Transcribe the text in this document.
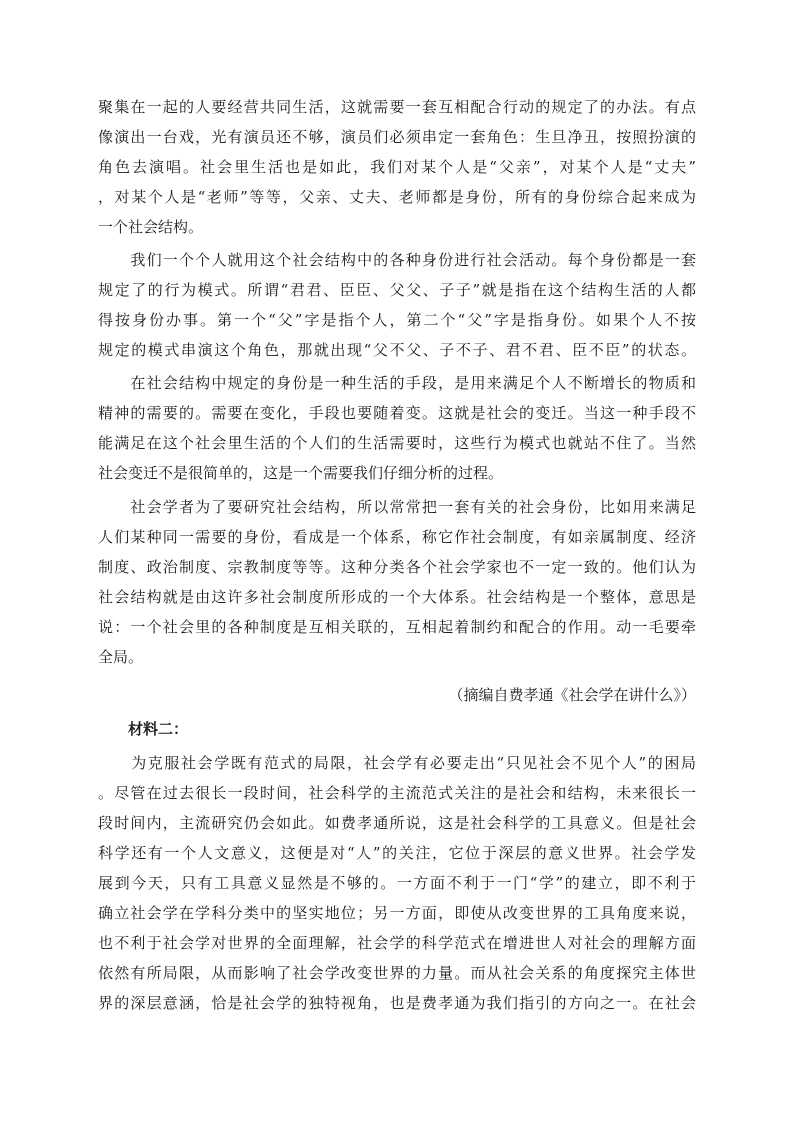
聚集在一起的人要经营共同生活，这就需要一套互相配合行动的规定了的办法。有点
像演出一台戏，光有演员还不够，演员们必须串定一套角色：生旦净丑，按照扮演的
角色去演唱。社会里生活也是如此，我们对某个人是“父亲”，对某个人是“丈夫”
，对某个人是“老师”等等，父亲、丈夫、老师都是身份，所有的身份综合起来成为
一个社会结构。
　　我们一个个人就用这个社会结构中的各种身份进行社会活动。每个身份都是一套
规定了的行为模式。所谓“君君、臣臣、父父、子子”就是指在这个结构生活的人都
得按身份办事。第一个“父”字是指个人，第二个“父”字是指身份。如果个人不按
规定的模式串演这个角色，那就出现“父不父、子不子、君不君、臣不臣”的状态。
　　在社会结构中规定的身份是一种生活的手段，是用来满足个人不断增长的物质和
精神的需要的。需要在变化，手段也要随着变。这就是社会的变迁。当这一种手段不
能满足在这个社会里生活的个人们的生活需要时，这些行为模式也就站不住了。当然
社会变迁不是很简单的，这是一个需要我们仔细分析的过程。
　　社会学者为了要研究社会结构，所以常常把一套有关的社会身份，比如用来满足
人们某种同一需要的身份，看成是一个体系，称它作社会制度，有如亲属制度、经济
制度、政治制度、宗教制度等等。这种分类各个社会学家也不一定一致的。他们认为
社会结构就是由这许多社会制度所形成的一个大体系。社会结构是一个整体，意思是
说：一个社会里的各种制度是互相关联的，互相起着制约和配合的作用。动一毛要牵
全局。
（摘编自费孝通《社会学在讲什么》）
　　材料二：
　　为克服社会学既有范式的局限，社会学有必要走出“只见社会不见个人”的困局
。尽管在过去很长一段时间，社会科学的主流范式关注的是社会和结构，未来很长一
段时间内，主流研究仍会如此。如费孝通所说，这是社会科学的工具意义。但是社会
科学还有一个人文意义，这便是对“人”的关注，它位于深层的意义世界。社会学发
展到今天，只有工具意义显然是不够的。一方面不利于一门“学”的建立，即不利于
确立社会学在学科分类中的坚实地位；另一方面，即使从改变世界的工具角度来说，
也不利于社会学对世界的全面理解，社会学的科学范式在增进世人对社会的理解方面
依然有所局限，从而影响了社会学改变世界的力量。而从社会关系的角度探究主体世
界的深层意涵，恰是社会学的独特视角，也是费孝通为我们指引的方向之一。在社会
